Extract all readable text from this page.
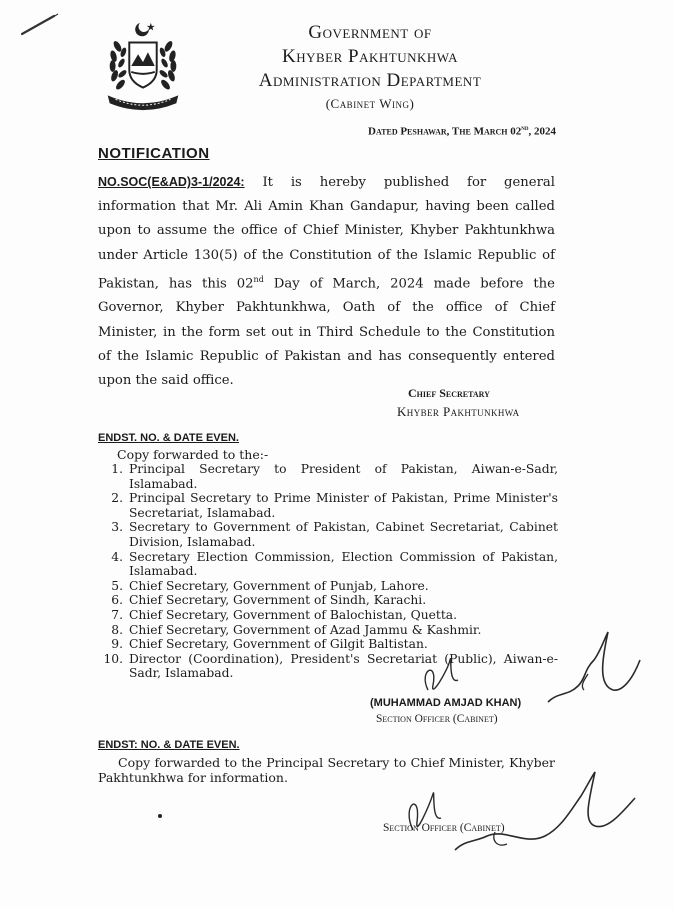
Government of
Khyber Pakhtunkhwa
Administration Department
(Cabinet Wing)
Dated Peshawar, The March 02nd, 2024
NOTIFICATION
NO.SOC(E&AD)3-1/2024: It is hereby published for general information that Mr. Ali Amin Khan Gandapur, having been called upon to assume the office of Chief Minister, Khyber Pakhtunkhwa under Article 130(5) of the Constitution of the Islamic Republic of Pakistan, has this 02nd Day of March, 2024 made before the Governor, Khyber Pakhtunkhwa, Oath of the office of Chief Minister, in the form set out in Third Schedule to the Constitution of the Islamic Republic of Pakistan and has consequently entered upon the said office.
Chief Secretary
Khyber Pakhtunkhwa
ENDST. NO. & DATE EVEN.
Copy forwarded to the:-
1. Principal Secretary to President of Pakistan, Aiwan-e-Sadr, Islamabad.
2. Principal Secretary to Prime Minister of Pakistan, Prime Minister's Secretariat, Islamabad.
3. Secretary to Government of Pakistan, Cabinet Secretariat, Cabinet Division, Islamabad.
4. Secretary Election Commission, Election Commission of Pakistan, Islamabad.
5. Chief Secretary, Government of Punjab, Lahore.
6. Chief Secretary, Government of Sindh, Karachi.
7. Chief Secretary, Government of Balochistan, Quetta.
8. Chief Secretary, Government of Azad Jammu & Kashmir.
9. Chief Secretary, Government of Gilgit Baltistan.
10. Director (Coordination), President's Secretariat (Public), Aiwan-e-Sadr, Islamabad.
(MUHAMMAD AMJAD KHAN)
Section Officer (Cabinet)
ENDST: NO. & DATE EVEN.
Copy forwarded to the Principal Secretary to Chief Minister, Khyber Pakhtunkhwa for information.
Section Officer (Cabinet)
